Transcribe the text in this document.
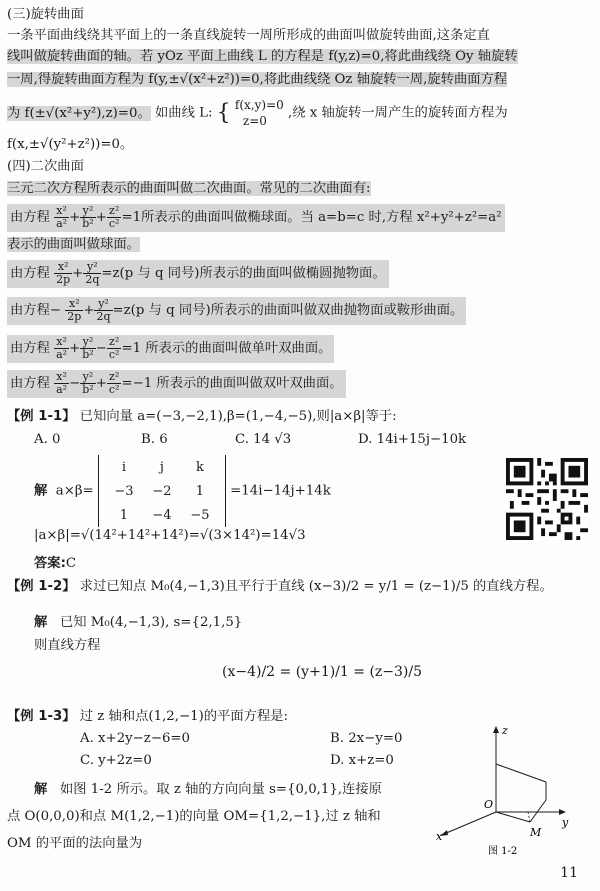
(三)旋转曲面
一条平面曲线绕其平面上的一条直线旋转一周所形成的曲面叫做旋转曲面,这条定直
线叫做旋转曲面的轴。若 yOz 平面上曲线 L 的方程是 f(y,z)=0,将此曲线绕 Oy 轴旋转
一周,得旋转曲面方程为 f(y,±√(x²+z²))=0,将此曲线绕 Oz 轴旋转一周,旋转曲面方程
为 f(±√(x²+y²),z)=0。 如曲线 L: { f(x,y)=0
z=0
,绕 x 轴旋转一周产生的旋转面方程为
f(x,±√(y²+z²))=0。
(四)二次曲面
三元二次方程所表示的曲面叫做二次曲面。常见的二次曲面有:
由方程 $\frac{\text{x²}}{\text{a²}} + \frac{\text{y²}}{\text{b²}} + \frac{\text{z²}}{\text{c²}} =1$所表示的曲面叫做椭球面。当 a=b=c 时,方程 x²+y²+z²=a²
表示的曲面叫做球面。
由方程 $\frac{\text{x²}}{2p} + \frac{\text{y²}}{2q} =z(p$ 与 q 同号)所表示的曲面叫做椭圆抛物面。
由方程− $\frac{\text{x²}}{2p} + \frac{\text{y²}}{2q} =z(p$ 与 q 同号)所表示的曲面叫做双曲抛物面或鞍形曲面。
由方程 $\frac{\text{x²}}{\text{a²}} + \frac{\text{y²}}{\text{b²}} - \frac{\text{z²}}{\text{c²}} =1$ 所表示的曲面叫做单叶双曲面。
由方程 $\frac{\text{x²}}{\text{a²}} - \frac{\text{y²}}{\text{b²}} + \frac{\text{z²}}{\text{c²}} =-1$ 所表示的曲面叫做双叶双曲面。
【例 1-1】 已知向量 a=(−3,−2,1),β=(1,−4,−5),则|a×β|等于:
A. 0	B. 6	C. 14 √3	D. 14i+15j−10k
解 a×β=
i	j	k
−3	−2	1
1	−4	−5
=14i−14j+14k
|a×β|=√(14²+14²+14²)=√(3×14²)=14√3
答案:C
【例 1-2】 求过已知点 M₀(4,−1,3)且平行于直线 (x−3)/2 = y/1 = (z−1)/5 的直线方程。
解 已知 M₀(4,−1,3), s={2,1,5}
则直线方程
(x−4)/2 = (y+1)/1 = (z−3)/5
【例 1-3】 过 z 轴和点(1,2,−1)的平面方程是:
A. x+2y−z−6=0	B. 2x−y=0
C. y+2z=0	D. x+z=0
解 如图 1-2 所示。取 z 轴的方向向量 s={0,0,1},连接原
点 O(0,0,0)和点 M(1,2,−1)的向量 OM={1,2,−1},过 z 轴和
OM 的平面的法向量为
z
y
x
O
M
图 1-2
11
